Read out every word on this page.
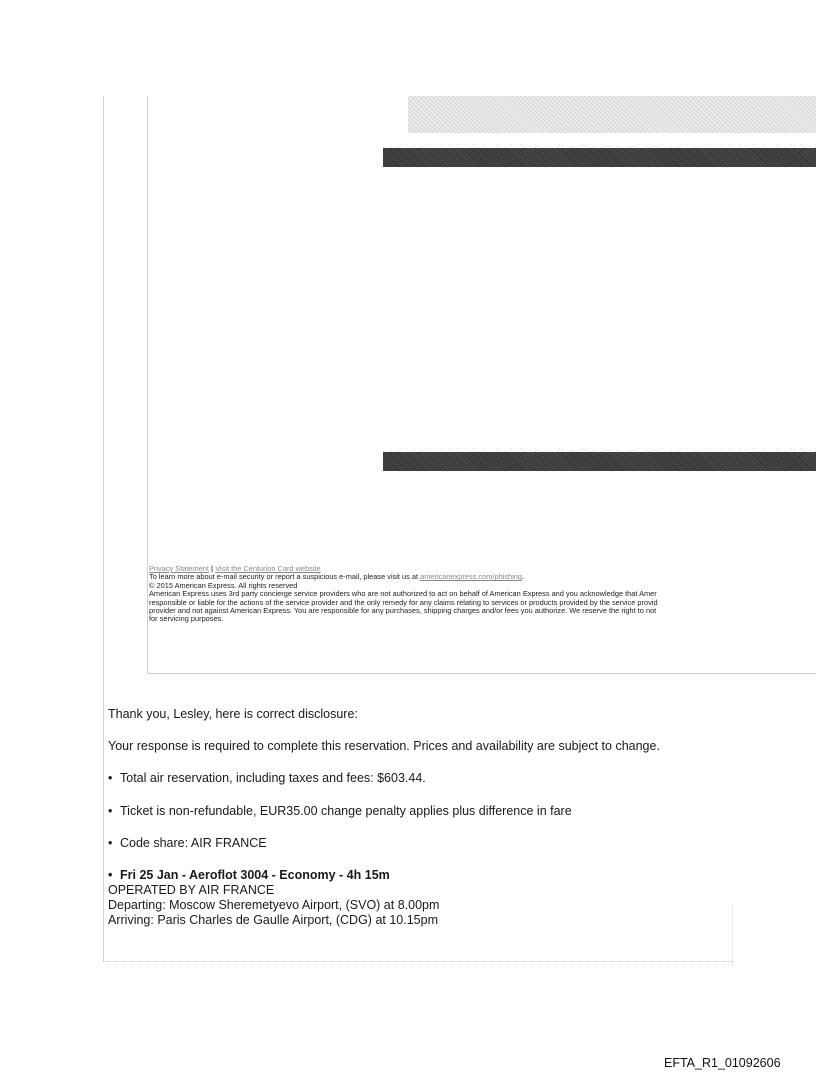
Privacy Statement | Visit the Centurion Card website
To learn more about e-mail security or report a suspicious e-mail, please visit us at americanexpress.com/phishing.
© 2015 American Express. All rights reserved
American Express uses 3rd party concierge service providers who are not authorized to act on behalf of American Express and you acknowledge that Amer
responsible or liable for the actions of the service provider and the only remedy for any claims relating to services or products provided by the service provid
provider and not against American Express. You are responsible for any purchases, shipping charges and/or fees you authorize. We reserve the right to not
for servicing purposes.
Thank you, Lesley, here is correct disclosure:
Your response is required to complete this reservation. Prices and availability are subject to change.
• Total air reservation, including taxes and fees: $603.44.
• Ticket is non-refundable, EUR35.00 change penalty applies plus difference in fare
• Code share: AIR FRANCE
• Fri 25 Jan - Aeroflot 3004 - Economy - 4h 15m
OPERATED BY AIR FRANCE
Departing: Moscow Sheremetyevo Airport, (SVO) at 8.00pm
Arriving: Paris Charles de Gaulle Airport, (CDG) at 10.15pm
EFTA_R1_01092606
